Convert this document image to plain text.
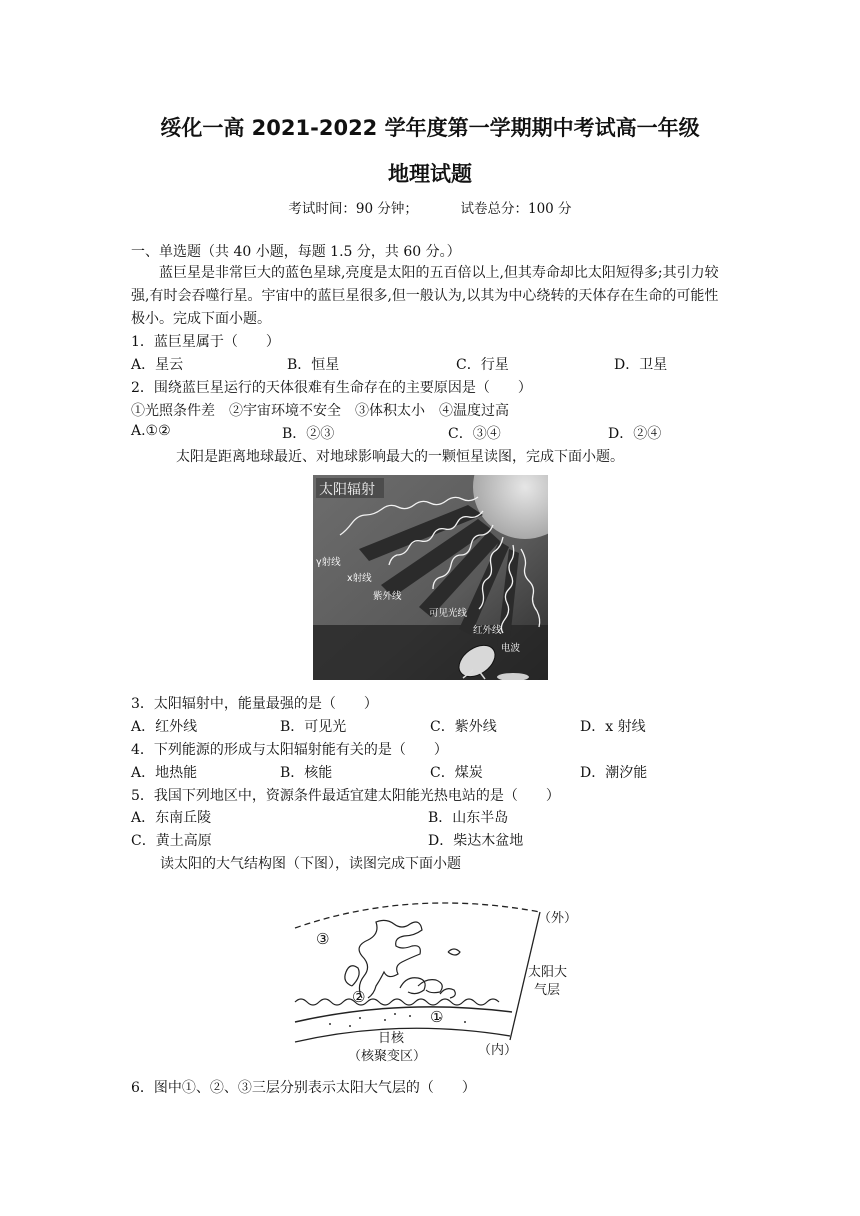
绥化一高 2021-2022 学年度第一学期期中考试高一年级
地理试题
考试时间：90 分钟；	试卷总分：100 分
一、单选题（共 40 小题，每题 1.5 分，共 60 分。）
蓝巨星是非常巨大的蓝色星球,亮度是太阳的五百倍以上,但其寿命却比太阳短得多;其引力较强,有时会吞噬行星。宇宙中的蓝巨星很多,但一般认为,以其为中心绕转的天体存在生命的可能性极小。完成下面小题。
1．蓝巨星属于（　　）
A．星云	B．恒星	C．行星	D．卫星
2．围绕蓝巨星运行的天体很难有生命存在的主要原因是（　　）
①光照条件差　②宇宙环境不安全　③体积太小　④温度过高
A.①②	B．②③	C．③④	D．②④
太阳是距离地球最近、对地球影响最大的一颗恒星读图，完成下面小题。
太阳辐射
γ射线
x射线
紫外线
可见光线
红外线
电波
3．太阳辐射中，能量最强的是（　　）
A．红外线	B．可见光	C．紫外线	D．x 射线
4．下列能源的形成与太阳辐射能有关的是（　　）
A．地热能	B．核能	C．煤炭	D．潮汐能
5．我国下列地区中，资源条件最适宜建太阳能光热电站的是（　　）
A．东南丘陵	B．山东半岛
C．黄土高原	D．柴达木盆地
读太阳的大气结构图（下图），读图完成下面小题
（外）
太阳大
气层
③
②
①
日核
（核聚变区）	（内）
6．图中①、②、③三层分别表示太阳大气层的（　　）
